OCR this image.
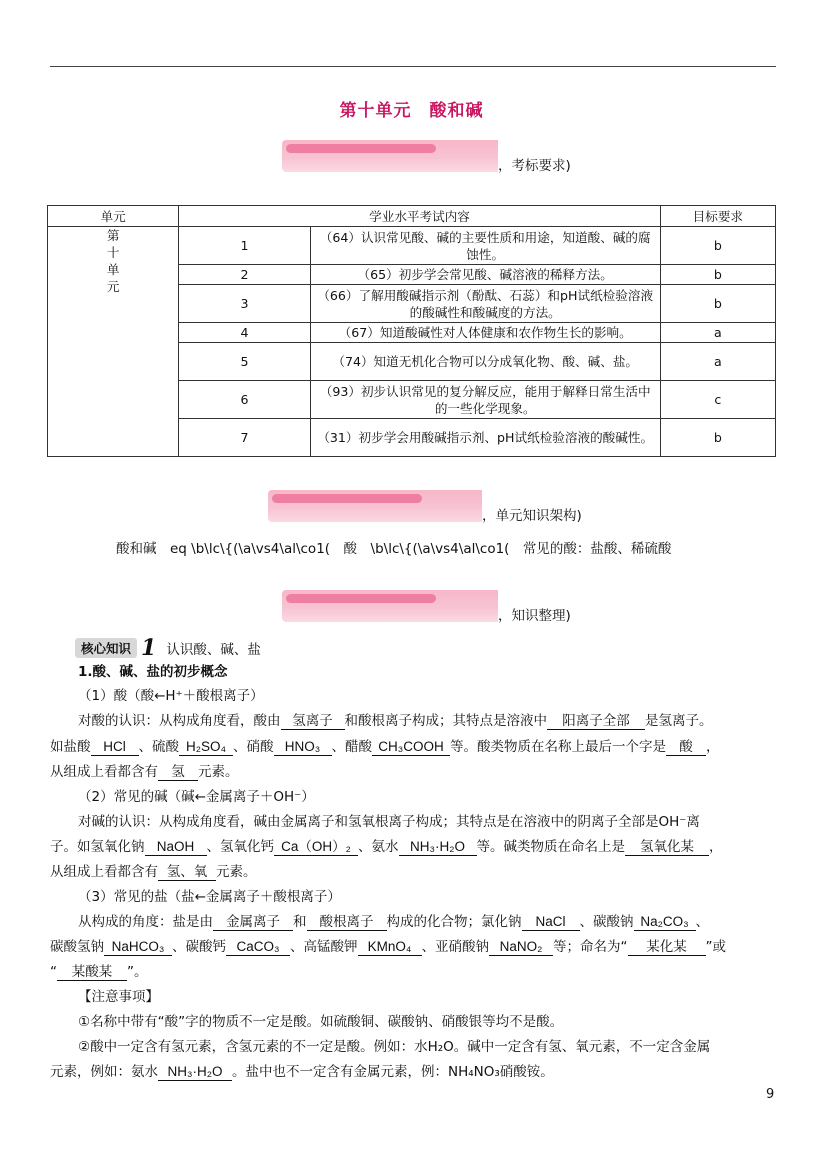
第十单元　酸和碱
，考标要求)
单元	学业水平考试内容		目标要求

第
十
单
元	1	（64）认识常见酸、碱的主要性质和用途，知道酸、碱的腐蚀性。	b
	2	（65）初步学会常见酸、碱溶液的稀释方法。	b
	3	（66）了解用酸碱指示剂（酚酞、石蕊）和pH试纸检验溶液的酸碱性和酸碱度的方法。	b
	4	（67）知道酸碱性对人体健康和农作物生长的影响。	a
	5	（74）知道无机化合物可以分成氧化物、酸、碱、盐。	a
	6	（93）初步认识常见的复分解反应，能用于解释日常生活中的一些化学现象。	c
	7	（31）初步学会用酸碱指示剂、pH试纸检验溶液的酸碱性。	b
，单元知识架构)
酸和碱　eq \b\lc\{(\a\vs4\al\co1(　酸　\b\lc\{(\a\vs4\al\co1(　常见的酸：盐酸、稀硫酸
，知识整理)
核心知识 1 认识酸、碱、盐
1.酸、碱、盐的初步概念
（1）酸（酸←H⁺＋酸根离子）
对酸的认识：从构成角度看，酸由 氢离子 和酸根离子构成；其特点是溶液中 阳离子全部 是氢离子。
如盐酸 HCl 、硫酸 H₂SO₄ 、硝酸 HNO₃ 、醋酸 CH₃COOH 等。酸类物质在名称上最后一个字是 酸 ，
从组成上看都含有 氢 元素。
（2）常见的碱（碱←金属离子＋OH⁻）
对碱的认识：从构成角度看，碱由金属离子和氢氧根离子构成；其特点是在溶液中的阴离子全部是OH⁻离
子。如氢氧化钠 NaOH 、氢氧化钙 Ca（OH）₂ 、氨水 NH₃·H₂O 等。碱类物质在命名上是 氢氧化某 ，
从组成上看都含有 氢、氧 元素。
（3）常见的盐（盐←金属离子＋酸根离子）
从构成的角度：盐是由 金属离子 和 酸根离子 构成的化合物；氯化钠 NaCl 、碳酸钠 Na₂CO₃ 、
碳酸氢钠 NaHCO₃ 、碳酸钙 CaCO₃ 、高锰酸钾 KMnO₄ 、亚硝酸钠 NaNO₂ 等；命名为“ 某化某 ”或
“ 某酸某 ”。
【注意事项】
①名称中带有“酸”字的物质不一定是酸。如硫酸铜、碳酸钠、硝酸银等均不是酸。
②酸中一定含有氢元素，含氢元素的不一定是酸。例如：水H₂O。碱中一定含有氢、氧元素，不一定含金属
元素，例如：氨水 NH₃·H₂O 。盐中也不一定含有金属元素，例：NH₄NO₃硝酸铵。
9
